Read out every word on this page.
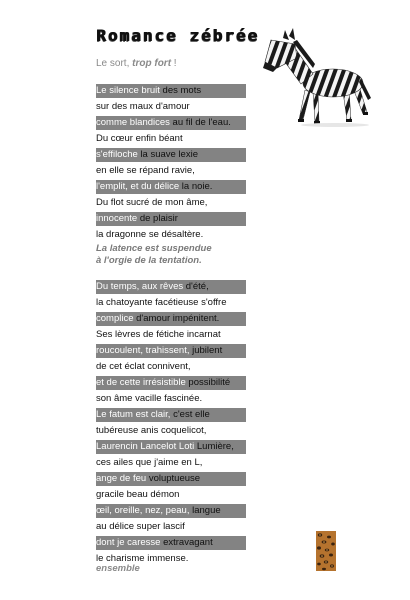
Romance zébrée
Le sort, trop fort !
Le silence bruit des mots
sur des maux d'amour
comme blandices au fil de l'eau.
Du cœur enfin béant
s'effiloche la suave lexie
en elle se répand ravie,
l'emplit, et du délice la noie.
Du flot sucré de mon âme,
innocente de plaisir
la dragonne se désaltère.
La latence est suspendue
à l'orgie de la tentation.
Du temps, aux rêves d'été,
la chatoyante facétieuse s'offre
complice d'amour impénitent.
Ses lèvres de fétiche incarnat
roucoulent, trahissent, jubilent
de cet éclat connivent,
et de cette irrésistible possibilité
son âme vacille fascinée.
Le fatum est clair, c'est elle
tubéreuse anis coquelicot,
Laurencin Lancelot Loti Lumière,
ces ailes que j'aime en L,
ange de feu voluptueuse
gracile beau démon
œil, oreille, nez, peau, langue
au délice super lascif
dont je caresse extravagant
le charisme immense.
ensemble
